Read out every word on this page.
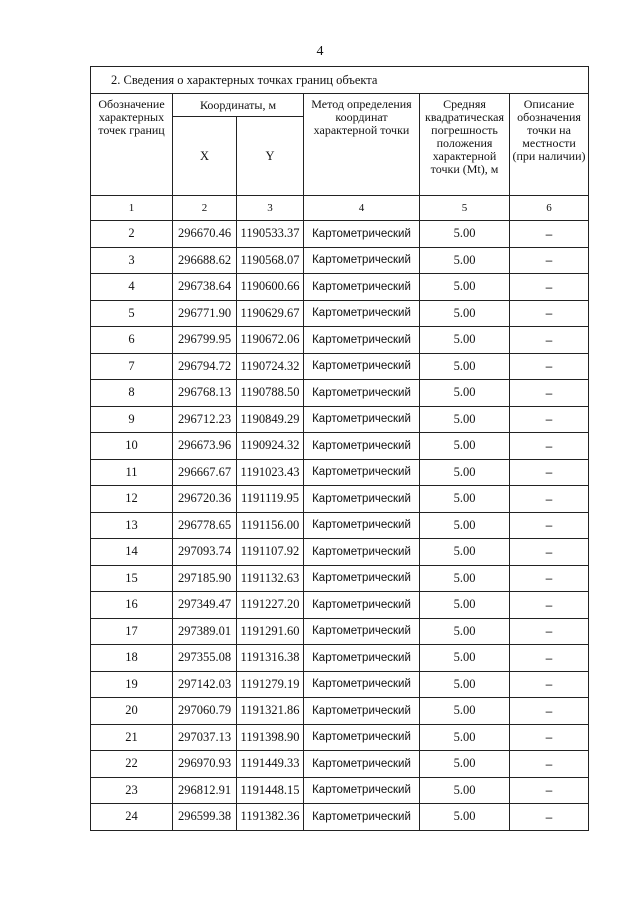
4
2. Сведения о характерных точках границ объекта					
Обозначение характерных точек границ	Координаты, м		Метод определения координат характерной точки	Средняя квадратическая погрешность положения характерной точки (Mt), м	Описание обозначения точки на местности (при наличии)
	X	Y			
1	2	3	4	5	6
2	296670.46	1190533.37	Картометрический	5.00	–
3	296688.62	1190568.07	Картометрический	5.00	–
4	296738.64	1190600.66	Картометрический	5.00	–
5	296771.90	1190629.67	Картометрический	5.00	–
6	296799.95	1190672.06	Картометрический	5.00	–
7	296794.72	1190724.32	Картометрический	5.00	–
8	296768.13	1190788.50	Картометрический	5.00	–
9	296712.23	1190849.29	Картометрический	5.00	–
10	296673.96	1190924.32	Картометрический	5.00	–
11	296667.67	1191023.43	Картометрический	5.00	–
12	296720.36	1191119.95	Картометрический	5.00	–
13	296778.65	1191156.00	Картометрический	5.00	–
14	297093.74	1191107.92	Картометрический	5.00	–
15	297185.90	1191132.63	Картометрический	5.00	–
16	297349.47	1191227.20	Картометрический	5.00	–
17	297389.01	1191291.60	Картометрический	5.00	–
18	297355.08	1191316.38	Картометрический	5.00	–
19	297142.03	1191279.19	Картометрический	5.00	–
20	297060.79	1191321.86	Картометрический	5.00	–
21	297037.13	1191398.90	Картометрический	5.00	–
22	296970.93	1191449.33	Картометрический	5.00	–
23	296812.91	1191448.15	Картометрический	5.00	–
24	296599.38	1191382.36	Картометрический	5.00	–
